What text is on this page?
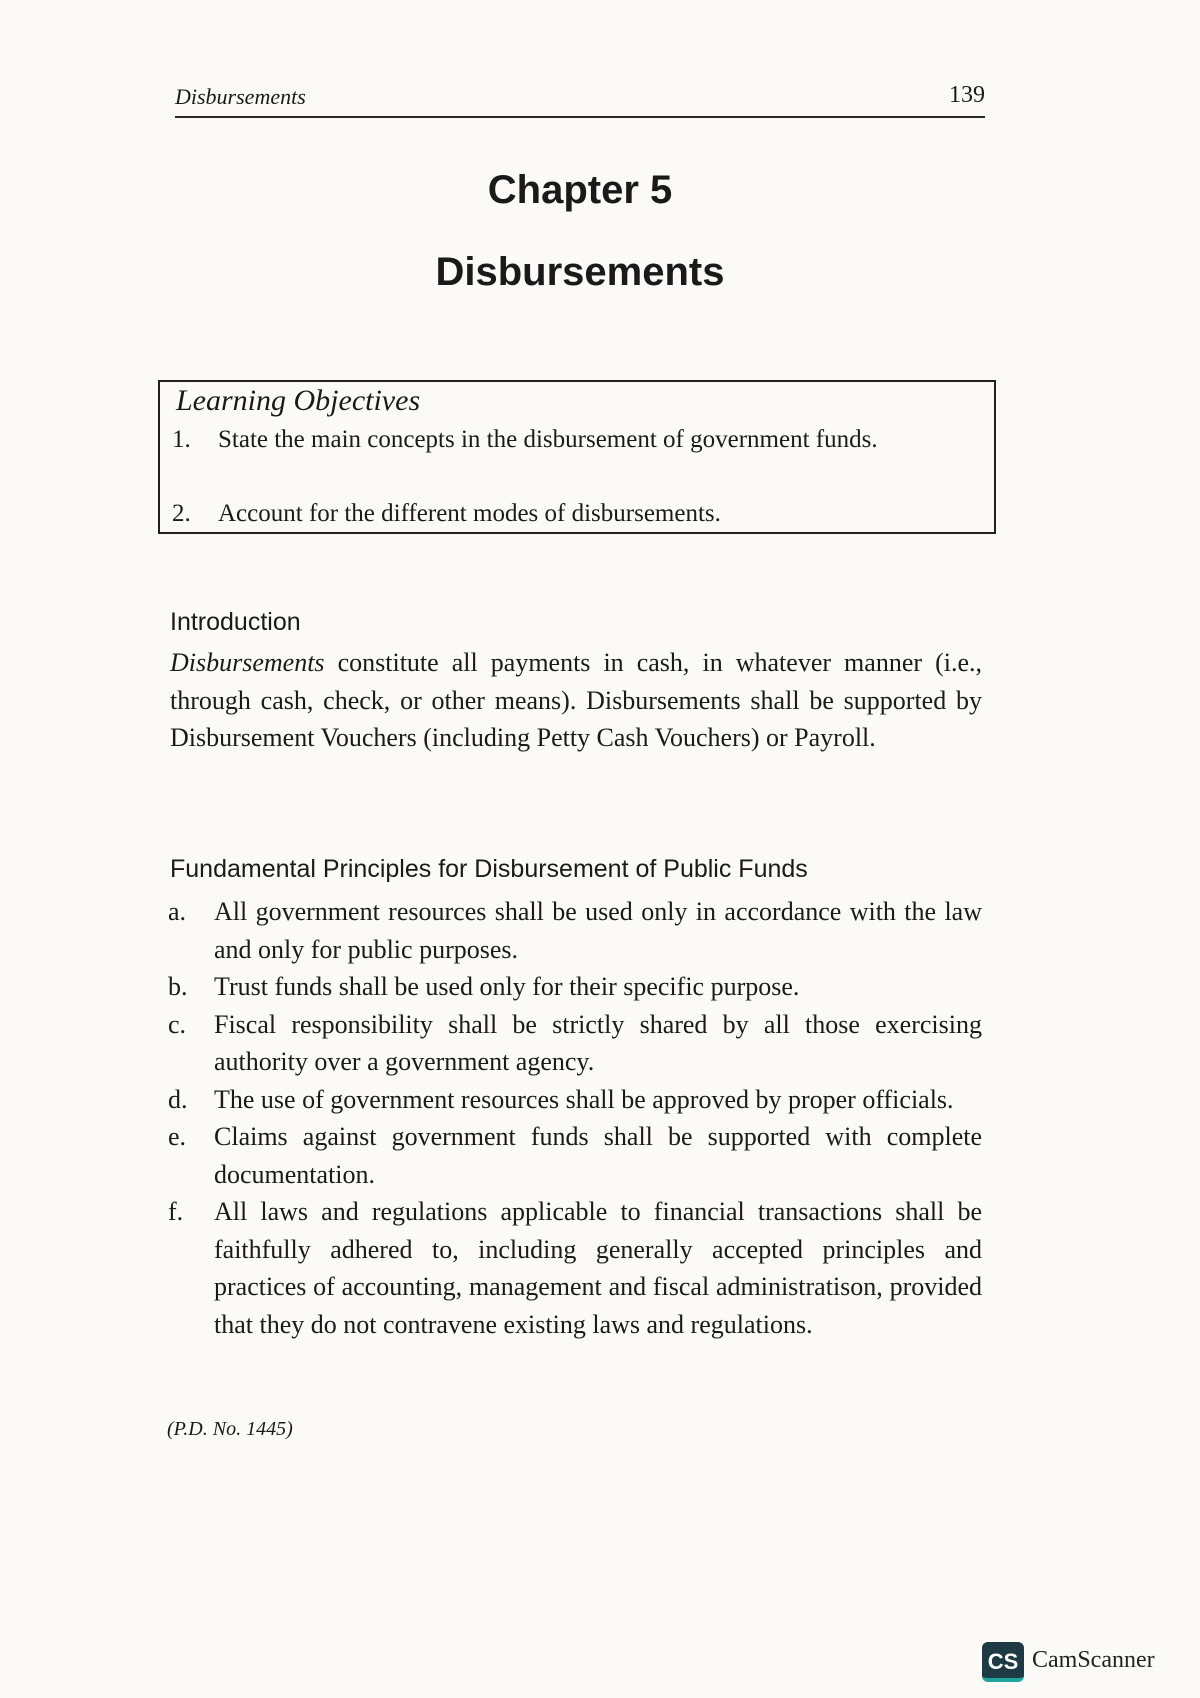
Disbursements	139
Chapter 5
Disbursements
Learning Objectives
1. State the main concepts in the disbursement of government funds.
2. Account for the different modes of disbursements.
Introduction
Disbursements constitute all payments in cash, in whatever manner (i.e., through cash, check, or other means). Disbursements shall be supported by Disbursement Vouchers (including Petty Cash Vouchers) or Payroll.
Fundamental Principles for Disbursement of Public Funds
a. All government resources shall be used only in accordance with the law and only for public purposes.
b. Trust funds shall be used only for their specific purpose.
c. Fiscal responsibility shall be strictly shared by all those exercising authority over a government agency.
d. The use of government resources shall be approved by proper officials.
e. Claims against government funds shall be supported with complete documentation.
f. All laws and regulations applicable to financial transactions shall be faithfully adhered to, including generally accepted principles and practices of accounting, management and fiscal administratison, provided that they do not contravene existing laws and regulations.
(P.D. No. 1445)
CS CamScanner
